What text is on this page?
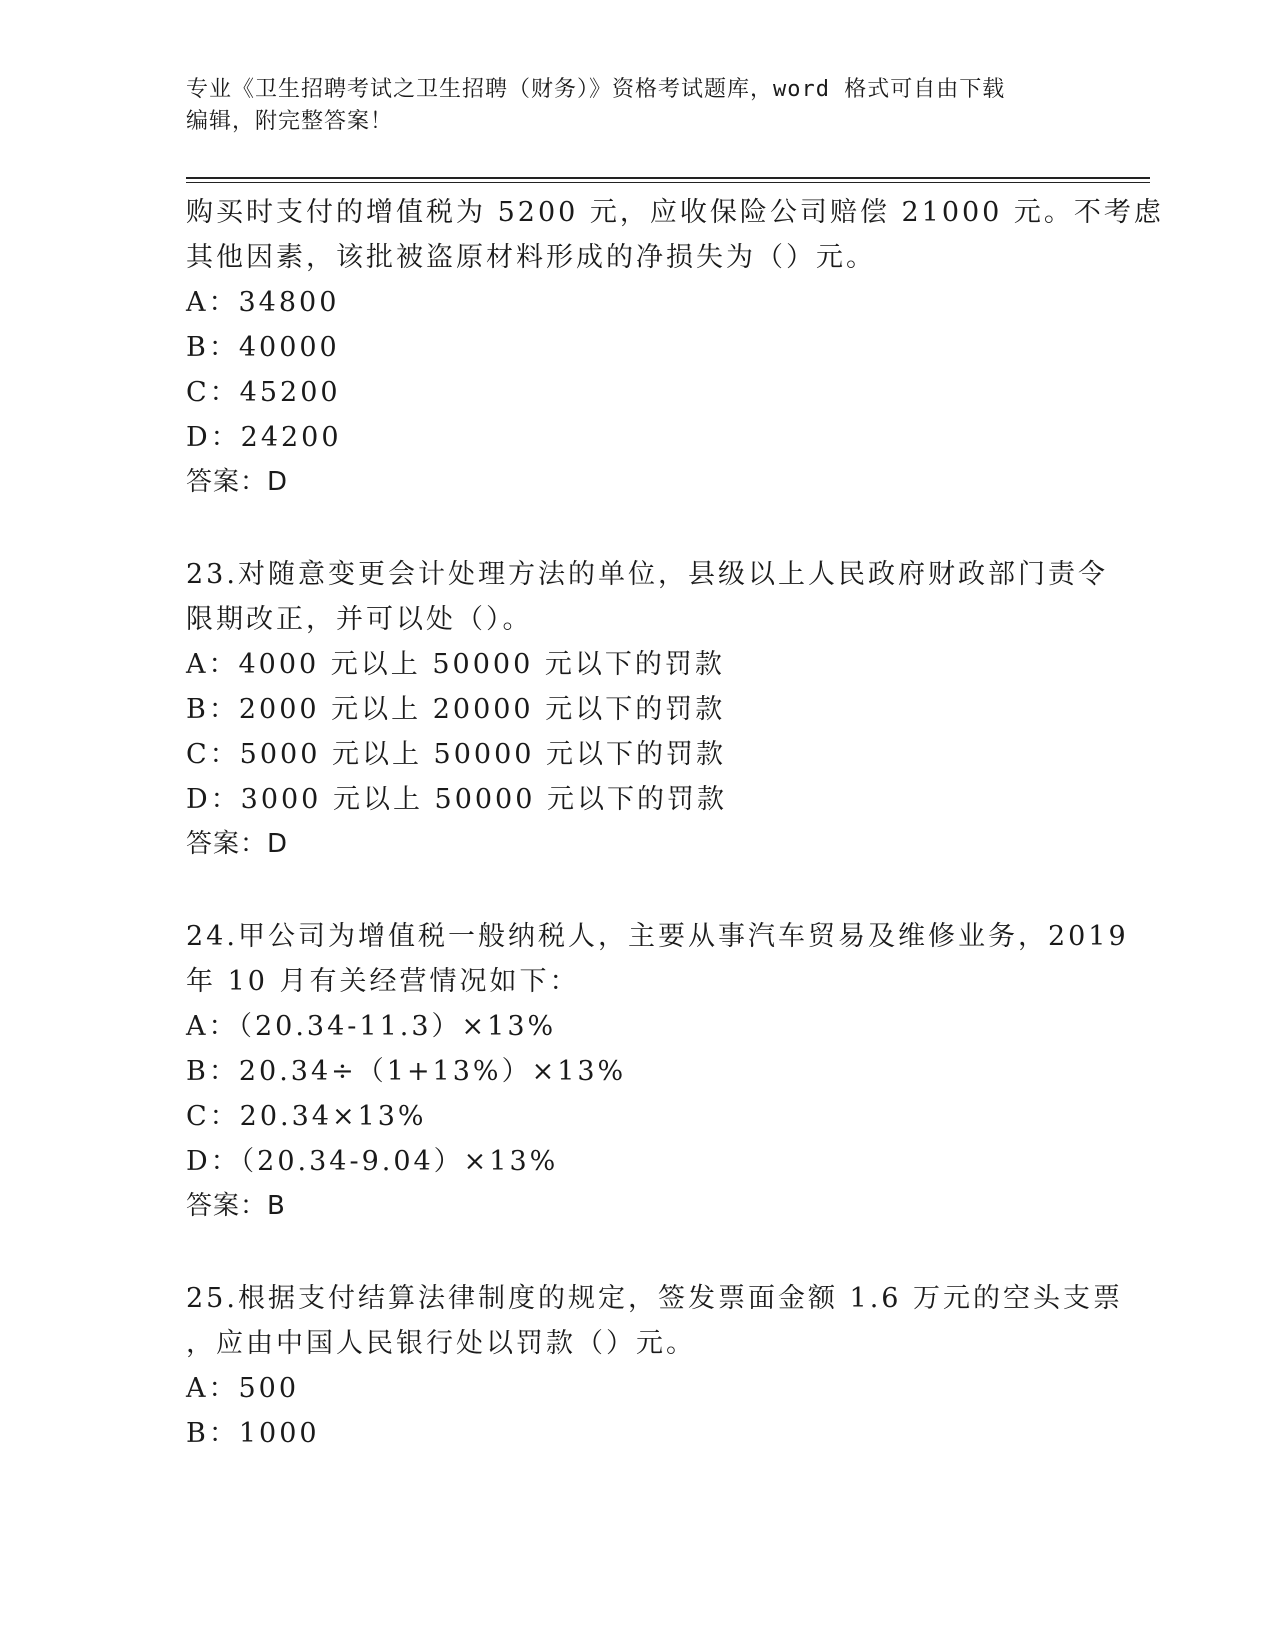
专业《卫生招聘考试之卫生招聘（财务）》资格考试题库，word 格式可自由下载
编辑，附完整答案！
购买时支付的增值税为 5200 元，应收保险公司赔偿 21000 元。不考虑
其他因素，该批被盗原材料形成的净损失为（）元。
A：34800
B：40000
C：45200
D：24200
答案：D
23.对随意变更会计处理方法的单位，县级以上人民政府财政部门责令
限期改正，并可以处（）。
A：4000 元以上 50000 元以下的罚款
B：2000 元以上 20000 元以下的罚款
C：5000 元以上 50000 元以下的罚款
D：3000 元以上 50000 元以下的罚款
答案：D
24.甲公司为增值税一般纳税人，主要从事汽车贸易及维修业务，2019
年 10 月有关经营情况如下：
A：（20.34-11.3）×13%
B：20.34÷（1+13%）×13%
C：20.34×13%
D：（20.34-9.04）×13%
答案：B
25.根据支付结算法律制度的规定，签发票面金额 1.6 万元的空头支票
，应由中国人民银行处以罚款（）元。
A：500
B：1000
